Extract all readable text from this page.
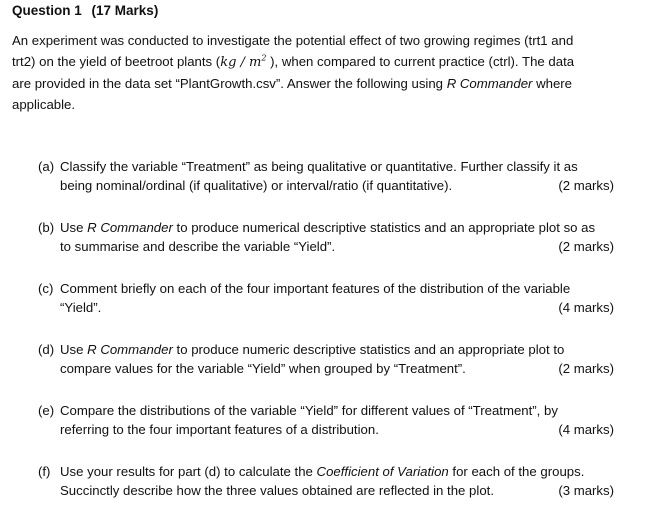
Question 1 (17 Marks)
An experiment was conducted to investigate the potential effect of two growing regimes (trt1 and
trt2) on the yield of beetroot plants ($kg / m^2$ ), when compared to current practice (ctrl). The data
are provided in the data set “PlantGrowth.csv”. Answer the following using R Commander where
applicable.
(a) Classify the variable “Treatment” as being qualitative or quantitative. Further classify it as
being nominal/ordinal (if qualitative) or interval/ratio (if quantitative).	(2 marks)
(b) Use R Commander to produce numerical descriptive statistics and an appropriate plot so as
to summarise and describe the variable “Yield”.	(2 marks)
(c) Comment briefly on each of the four important features of the distribution of the variable
“Yield”.	(4 marks)
(d) Use R Commander to produce numeric descriptive statistics and an appropriate plot to
compare values for the variable “Yield” when grouped by “Treatment”.	(2 marks)
(e) Compare the distributions of the variable “Yield” for different values of “Treatment”, by
referring to the four important features of a distribution.	(4 marks)
(f) Use your results for part (d) to calculate the Coefficient of Variation for each of the groups.
Succinctly describe how the three values obtained are reflected in the plot.	(3 marks)
